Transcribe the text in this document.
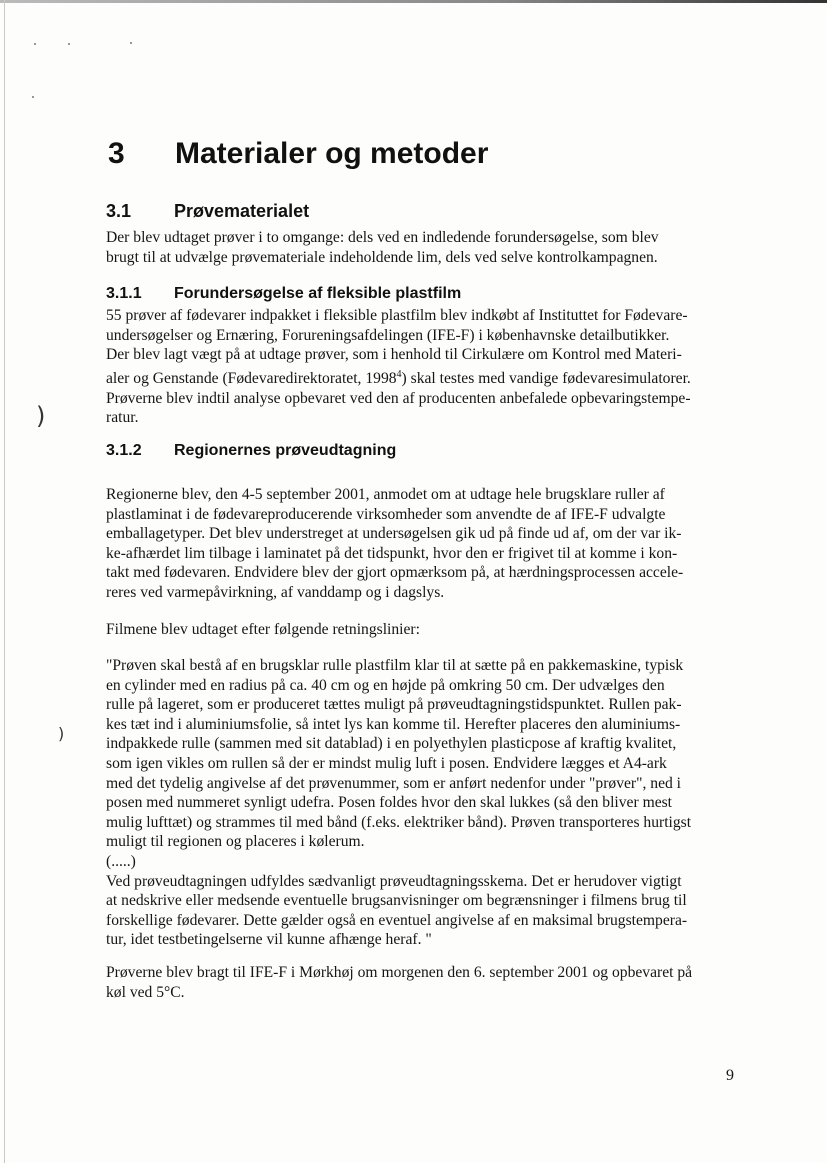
)
)
3 Materialer og metoder
3.1 Prøvematerialet

Der blev udtaget prøver i to omgange: dels ved en indledende forundersøgelse, som blev
brugt til at udvælge prøvemateriale indeholdende lim, dels ved selve kontrolkampagnen.

3.1.1 Forundersøgelse af fleksible plastfilm

55 prøver af fødevarer indpakket i fleksible plastfilm blev indkøbt af Instituttet for Fødevare-
undersøgelser og Ernæring, Forureningsafdelingen (IFE-F) i københavnske detailbutikker.
Der blev lagt vægt på at udtage prøver, som i henhold til Cirkulære om Kontrol med Materi-
aler og Genstande (Fødevaredirektoratet, 1998$^4$) skal testes med vandige fødevaresimulatorer.
Prøverne blev indtil analyse opbevaret ved den af producenten anbefalede opbevaringstempe-
ratur.

3.1.2 Regionernes prøveudtagning

Regionerne blev, den 4-5 september 2001, anmodet om at udtage hele brugsklare ruller af
plastlaminat i de fødevareproducerende virksomheder som anvendte de af IFE-F udvalgte
emballagetyper. Det blev understreget at undersøgelsen gik ud på finde ud af, om der var ik-
ke-afhærdet lim tilbage i laminatet på det tidspunkt, hvor den er frigivet til at komme i kon-
takt med fødevaren. Endvidere blev der gjort opmærksom på, at hærdningsprocessen accele-
reres ved varmepåvirkning, af vanddamp og i dagslys.

Filmene blev udtaget efter følgende retningslinier:

"Prøven skal bestå af en brugsklar rulle plastfilm klar til at sætte på en pakkemaskine, typisk
en cylinder med en radius på ca. 40 cm og en højde på omkring 50 cm. Der udvælges den
rulle på lageret, som er produceret tættes muligt på prøveudtagningstidspunktet. Rullen pak-
kes tæt ind i aluminiumsfolie, så intet lys kan komme til. Herefter placeres den aluminiums-
indpakkede rulle (sammen med sit datablad) i en polyethylen plasticpose af kraftig kvalitet,
som igen vikles om rullen så der er mindst mulig luft i posen. Endvidere lægges et A4-ark
med det tydelig angivelse af det prøvenummer, som er anført nedenfor under "prøver", ned i
posen med nummeret synligt udefra. Posen foldes hvor den skal lukkes (så den bliver mest
mulig lufttæt) og strammes til med bånd (f.eks. elektriker bånd). Prøven transporteres hurtigst
muligt til regionen og placeres i kølerum.
(.....)
Ved prøveudtagningen udfyldes sædvanligt prøveudtagningsskema. Det er herudover vigtigt
at nedskrive eller medsende eventuelle brugsanvisninger om begrænsninger i filmens brug til
forskellige fødevarer. Dette gælder også en eventuel angivelse af en maksimal brugstempera-
tur, idet testbetingelserne vil kunne afhænge heraf. "

Prøverne blev bragt til IFE-F i Mørkhøj om morgenen den 6. september 2001 og opbevaret på
køl ved 5°C.

9
